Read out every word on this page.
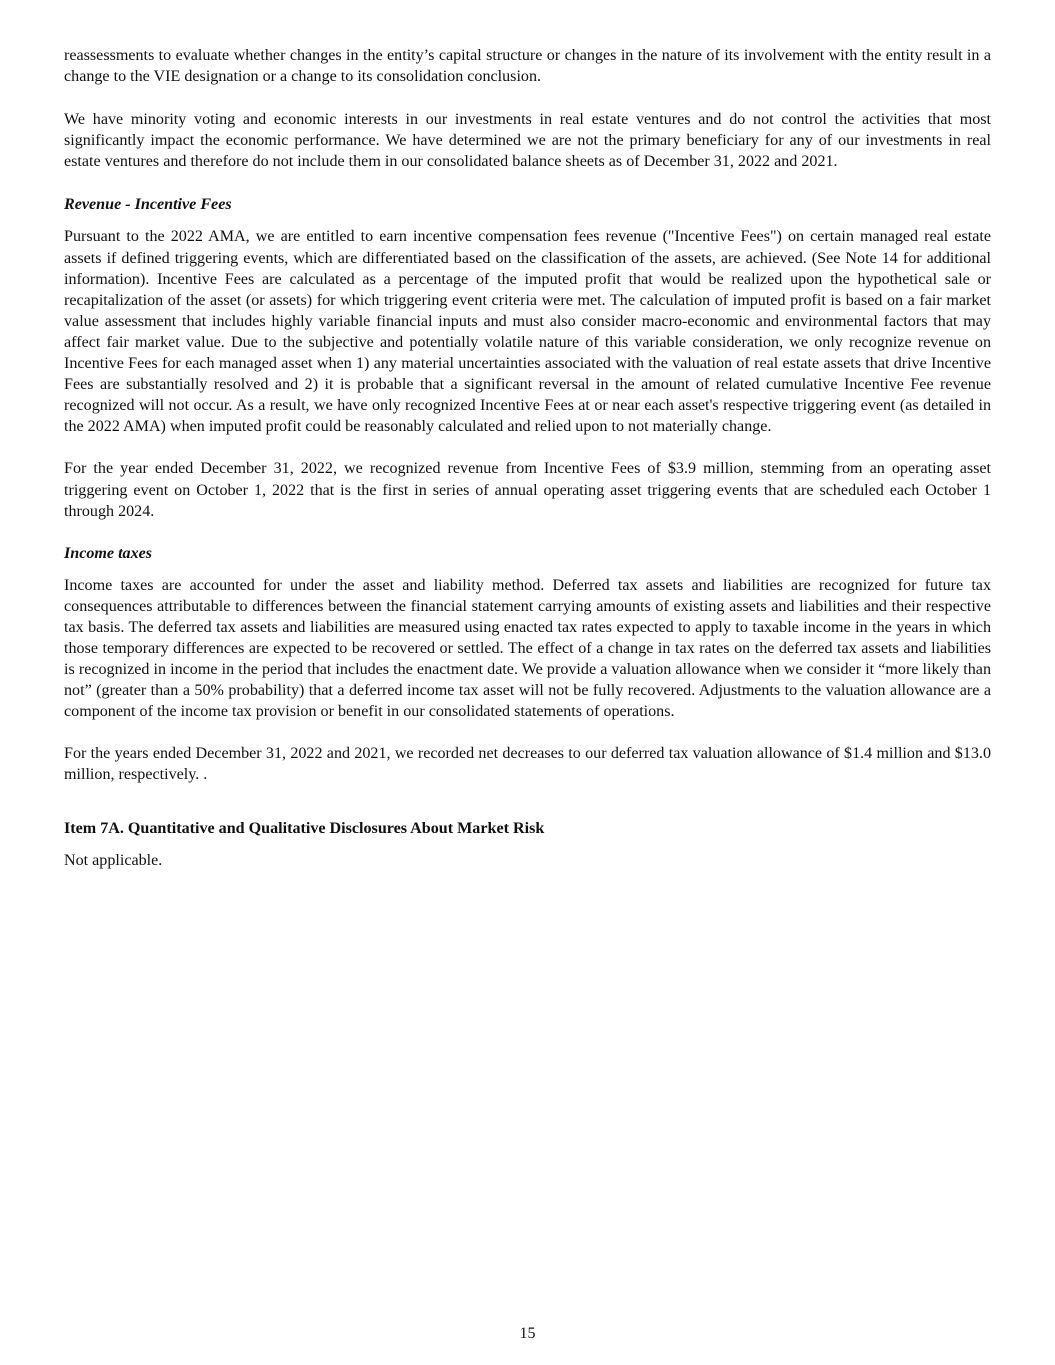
reassessments to evaluate whether changes in the entity’s capital structure or changes in the nature of its involvement with the entity result in a change to the VIE designation or a change to its consolidation conclusion.

We have minority voting and economic interests in our investments in real estate ventures and do not control the activities that most significantly impact the economic performance. We have determined we are not the primary beneficiary for any of our investments in real estate ventures and therefore do not include them in our consolidated balance sheets as of December 31, 2022 and 2021.

Revenue - Incentive Fees

Pursuant to the 2022 AMA, we are entitled to earn incentive compensation fees revenue ("Incentive Fees") on certain managed real estate assets if defined triggering events, which are differentiated based on the classification of the assets, are achieved. (See Note 14 for additional information). Incentive Fees are calculated as a percentage of the imputed profit that would be realized upon the hypothetical sale or recapitalization of the asset (or assets) for which triggering event criteria were met. The calculation of imputed profit is based on a fair market value assessment that includes highly variable financial inputs and must also consider macro-economic and environmental factors that may affect fair market value. Due to the subjective and potentially volatile nature of this variable consideration, we only recognize revenue on Incentive Fees for each managed asset when 1) any material uncertainties associated with the valuation of real estate assets that drive Incentive Fees are substantially resolved and 2) it is probable that a significant reversal in the amount of related cumulative Incentive Fee revenue recognized will not occur. As a result, we have only recognized Incentive Fees at or near each asset's respective triggering event (as detailed in the 2022 AMA) when imputed profit could be reasonably calculated and relied upon to not materially change.

For the year ended December 31, 2022, we recognized revenue from Incentive Fees of $3.9 million, stemming from an operating asset triggering event on October 1, 2022 that is the first in series of annual operating asset triggering events that are scheduled each October 1 through 2024.

Income taxes

Income taxes are accounted for under the asset and liability method. Deferred tax assets and liabilities are recognized for future tax consequences attributable to differences between the financial statement carrying amounts of existing assets and liabilities and their respective tax basis. The deferred tax assets and liabilities are measured using enacted tax rates expected to apply to taxable income in the years in which those temporary differences are expected to be recovered or settled. The effect of a change in tax rates on the deferred tax assets and liabilities is recognized in income in the period that includes the enactment date. We provide a valuation allowance when we consider it “more likely than not” (greater than a 50% probability) that a deferred income tax asset will not be fully recovered. Adjustments to the valuation allowance are a component of the income tax provision or benefit in our consolidated statements of operations.

For the years ended December 31, 2022 and 2021, we recorded net decreases to our deferred tax valuation allowance of $1.4 million and $13.0 million, respectively. .

Item 7A. Quantitative and Qualitative Disclosures About Market Risk

Not applicable.

15
